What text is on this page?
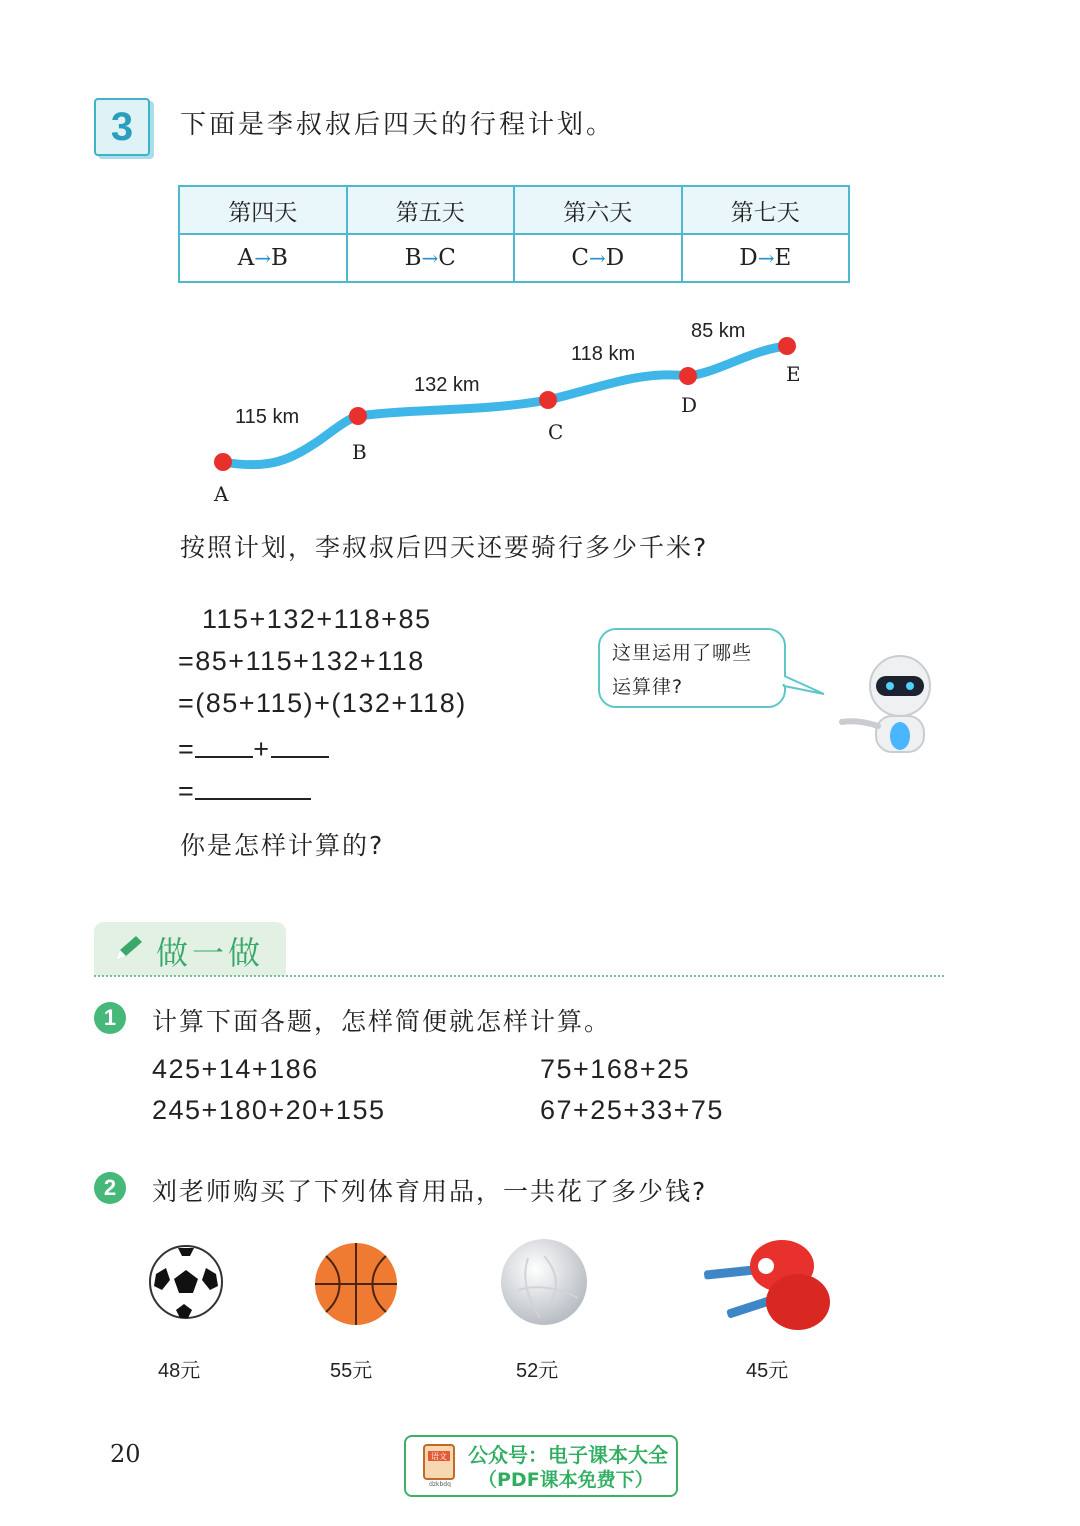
3	下面是李叔叔后四天的行程计划。
第四天	第五天	第六天	第七天
A→B	B→C	C→D	D→E
A
B
C
D
E
115 km
132 km
118 km
85 km
按照计划，李叔叔后四天还要骑行多少千米?
115+132+118+85
=85+115+132+118
=(85+115)+(132+118)
= +
=
这里运用了哪些
运算律?
你是怎样计算的?
做一做
1	计算下面各题，怎样简便就怎样计算。
425+14+186	75+168+25
245+180+20+155	67+25+33+75
2	刘老师购买了下列体育用品，一共花了多少钱?
48元	55元	52元	45元
20	语文
dzkbdq
公众号：电子课本大全
（PDF课本免费下）
